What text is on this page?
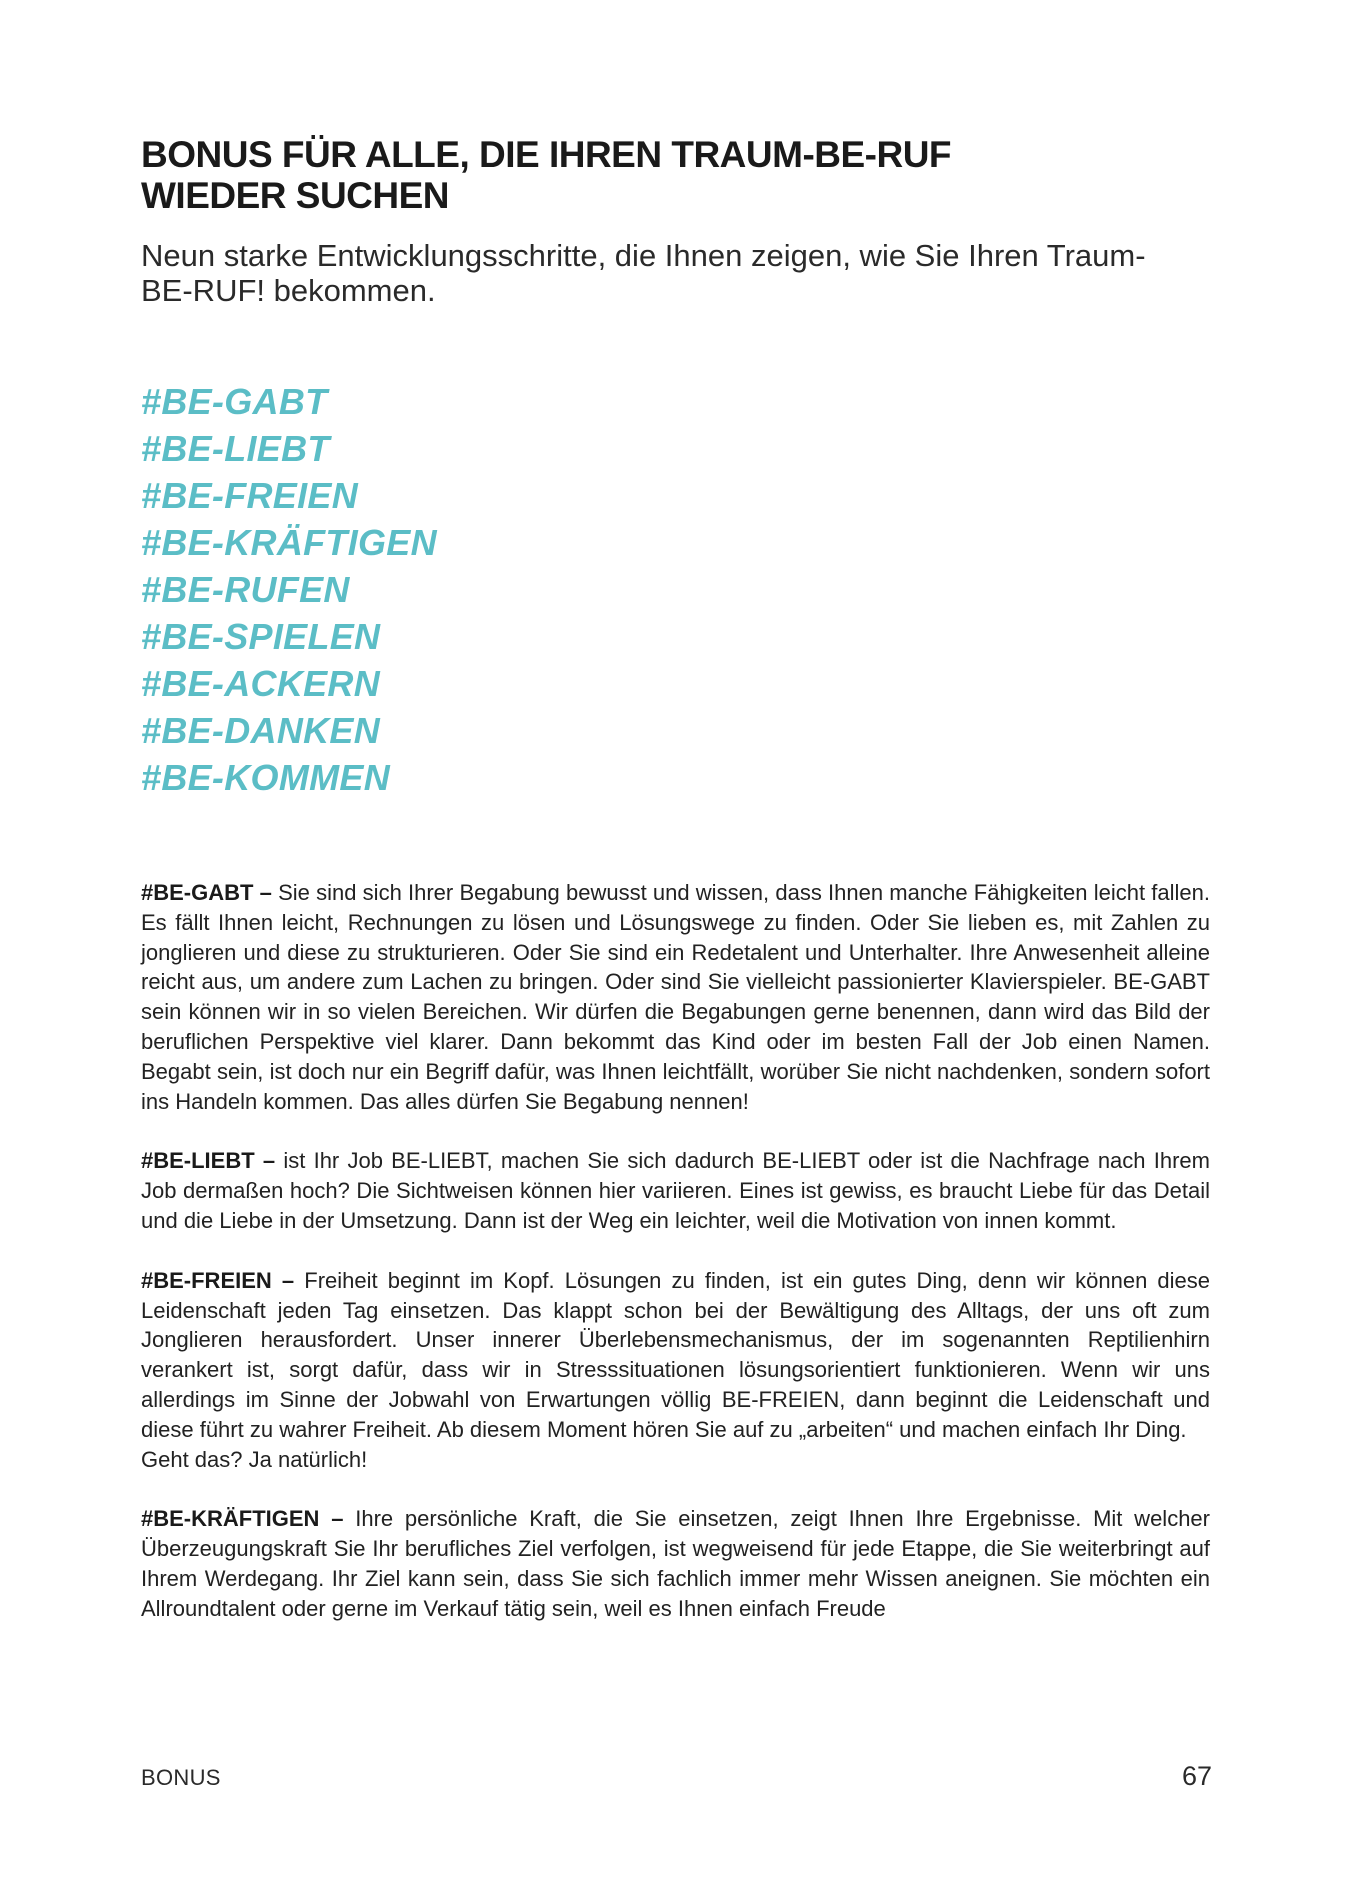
BONUS FÜR ALLE, DIE IHREN TRAUM-BE-RUF
WIEDER SUCHEN

Neun starke Entwicklungsschritte, die Ihnen zeigen, wie Sie Ihren Traum-
BE-RUF! bekommen.

#BE-GABT
#BE-LIEBT
#BE-FREIEN
#BE-KRÄFTIGEN
#BE-RUFEN
#BE-SPIELEN
#BE-ACKERN
#BE-DANKEN
#BE-KOMMEN

#BE-GABT – Sie sind sich Ihrer Begabung bewusst und wissen, dass Ihnen manche Fähigkeiten leicht fallen. Es fällt Ihnen leicht, Rechnungen zu lösen und Lösungswege zu finden. Oder Sie lieben es, mit Zahlen zu jonglieren und diese zu strukturieren. Oder Sie sind ein Redetalent und Unterhalter. Ihre Anwesenheit alleine reicht aus, um andere zum Lachen zu bringen. Oder sind Sie vielleicht passionierter Klavierspieler. BE-GABT sein können wir in so vielen Bereichen. Wir dürfen die Begabungen gerne benennen, dann wird das Bild der beruflichen Perspektive viel klarer. Dann bekommt das Kind oder im besten Fall der Job einen Namen. Begabt sein, ist doch nur ein Begriff dafür, was Ihnen leichtfällt, worüber Sie nicht nachdenken, sondern sofort ins Handeln kommen. Das alles dürfen Sie Begabung nennen!

#BE-LIEBT – ist Ihr Job BE-LIEBT, machen Sie sich dadurch BE-LIEBT oder ist die Nachfrage nach Ihrem Job dermaßen hoch? Die Sichtweisen können hier variieren. Eines ist gewiss, es braucht Liebe für das Detail und die Liebe in der Umsetzung. Dann ist der Weg ein leichter, weil die Motivation von innen kommt.

#BE-FREIEN – Freiheit beginnt im Kopf. Lösungen zu finden, ist ein gutes Ding, denn wir können diese Leidenschaft jeden Tag einsetzen. Das klappt schon bei der Bewältigung des Alltags, der uns oft zum Jonglieren herausfordert. Unser innerer Überlebensmechanismus, der im sogenannten Reptilienhirn verankert ist, sorgt dafür, dass wir in Stresssituationen lösungsorientiert funktionieren. Wenn wir uns allerdings im Sinne der Jobwahl von Erwartungen völlig BE-FREIEN, dann beginnt die Leidenschaft und diese führt zu wahrer Freiheit. Ab diesem Moment hören Sie auf zu „arbeiten“ und machen einfach Ihr Ding.
Geht das? Ja natürlich!

#BE-KRÄFTIGEN – Ihre persönliche Kraft, die Sie einsetzen, zeigt Ihnen Ihre Ergebnisse. Mit welcher Überzeugungskraft Sie Ihr berufliches Ziel verfolgen, ist wegweisend für jede Etappe, die Sie weiterbringt auf Ihrem Werdegang. Ihr Ziel kann sein, dass Sie sich fachlich immer mehr Wissen aneignen. Sie möchten ein Allroundtalent oder gerne im Verkauf tätig sein, weil es Ihnen einfach Freude

BONUS	67
